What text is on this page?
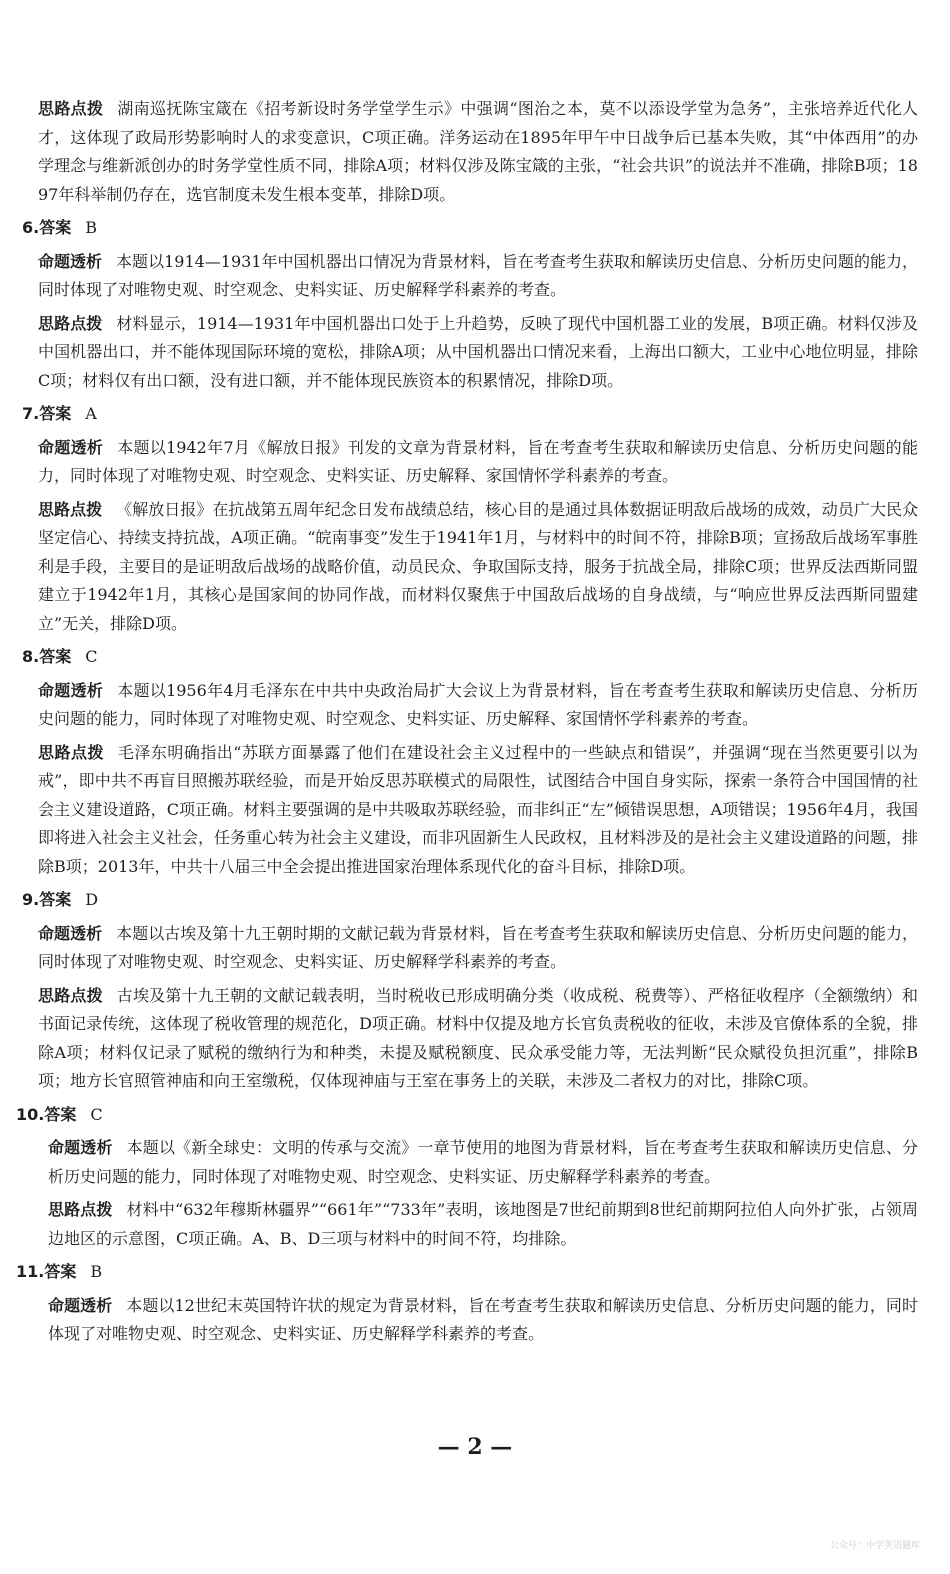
思路点拨 湖南巡抚陈宝箴在《招考新设时务学堂学生示》中强调“图治之本，莫不以添设学堂为急务”，主张培养近代化人才，这体现了政局形势影响时人的求变意识，C项正确。洋务运动在1895年甲午中日战争后已基本失败，其“中体西用”的办学理念与维新派创办的时务学堂性质不同，排除A项；材料仅涉及陈宝箴的主张，“社会共识”的说法并不准确，排除B项；1897年科举制仍存在，选官制度未发生根本变革，排除D项。

6.答案 B

命题透析 本题以1914—1931年中国机器出口情况为背景材料，旨在考查考生获取和解读历史信息、分析历史问题的能力，同时体现了对唯物史观、时空观念、史料实证、历史解释学科素养的考查。

思路点拨 材料显示，1914—1931年中国机器出口处于上升趋势，反映了现代中国机器工业的发展，B项正确。材料仅涉及中国机器出口，并不能体现国际环境的宽松，排除A项；从中国机器出口情况来看，上海出口额大，工业中心地位明显，排除C项；材料仅有出口额，没有进口额，并不能体现民族资本的积累情况，排除D项。

7.答案 A

命题透析 本题以1942年7月《解放日报》刊发的文章为背景材料，旨在考查考生获取和解读历史信息、分析历史问题的能力，同时体现了对唯物史观、时空观念、史料实证、历史解释、家国情怀学科素养的考查。

思路点拨 《解放日报》在抗战第五周年纪念日发布战绩总结，核心目的是通过具体数据证明敌后战场的成效，动员广大民众坚定信心、持续支持抗战，A项正确。“皖南事变”发生于1941年1月，与材料中的时间不符，排除B项；宣扬敌后战场军事胜利是手段，主要目的是证明敌后战场的战略价值，动员民众、争取国际支持，服务于抗战全局，排除C项；世界反法西斯同盟建立于1942年1月，其核心是国家间的协同作战，而材料仅聚焦于中国敌后战场的自身战绩，与“响应世界反法西斯同盟建立”无关，排除D项。

8.答案 C

命题透析 本题以1956年4月毛泽东在中共中央政治局扩大会议上为背景材料，旨在考查考生获取和解读历史信息、分析历史问题的能力，同时体现了对唯物史观、时空观念、史料实证、历史解释、家国情怀学科素养的考查。

思路点拨 毛泽东明确指出“苏联方面暴露了他们在建设社会主义过程中的一些缺点和错误”，并强调“现在当然更要引以为戒”，即中共不再盲目照搬苏联经验，而是开始反思苏联模式的局限性，试图结合中国自身实际，探索一条符合中国国情的社会主义建设道路，C项正确。材料主要强调的是中共吸取苏联经验，而非纠正“左”倾错误思想，A项错误；1956年4月，我国即将进入社会主义社会，任务重心转为社会主义建设，而非巩固新生人民政权，且材料涉及的是社会主义建设道路的问题，排除B项；2013年，中共十八届三中全会提出推进国家治理体系现代化的奋斗目标，排除D项。

9.答案 D

命题透析 本题以古埃及第十九王朝时期的文献记载为背景材料，旨在考查考生获取和解读历史信息、分析历史问题的能力，同时体现了对唯物史观、时空观念、史料实证、历史解释学科素养的考查。

思路点拨 古埃及第十九王朝的文献记载表明，当时税收已形成明确分类（收成税、税费等）、严格征收程序（全额缴纳）和书面记录传统，这体现了税收管理的规范化，D项正确。材料中仅提及地方长官负责税收的征收，未涉及官僚体系的全貌，排除A项；材料仅记录了赋税的缴纳行为和种类，未提及赋税额度、民众承受能力等，无法判断“民众赋役负担沉重”，排除B项；地方长官照管神庙和向王室缴税，仅体现神庙与王室在事务上的关联，未涉及二者权力的对比，排除C项。

10.答案 C

命题透析 本题以《新全球史：文明的传承与交流》一章节使用的地图为背景材料，旨在考查考生获取和解读历史信息、分析历史问题的能力，同时体现了对唯物史观、时空观念、史料实证、历史解释学科素养的考查。

思路点拨 材料中“632年穆斯林疆界”“661年”“733年”表明，该地图是7世纪前期到8世纪前期阿拉伯人向外扩张，占领周边地区的示意图，C项正确。A、B、D三项与材料中的时间不符，均排除。

11.答案 B

命题透析 本题以12世纪末英国特许状的规定为背景材料，旨在考查考生获取和解读历史信息、分析历史问题的能力，同时体现了对唯物史观、时空观念、史料实证、历史解释学科素养的考查。

— 2 —
公众号：中学英语题库
